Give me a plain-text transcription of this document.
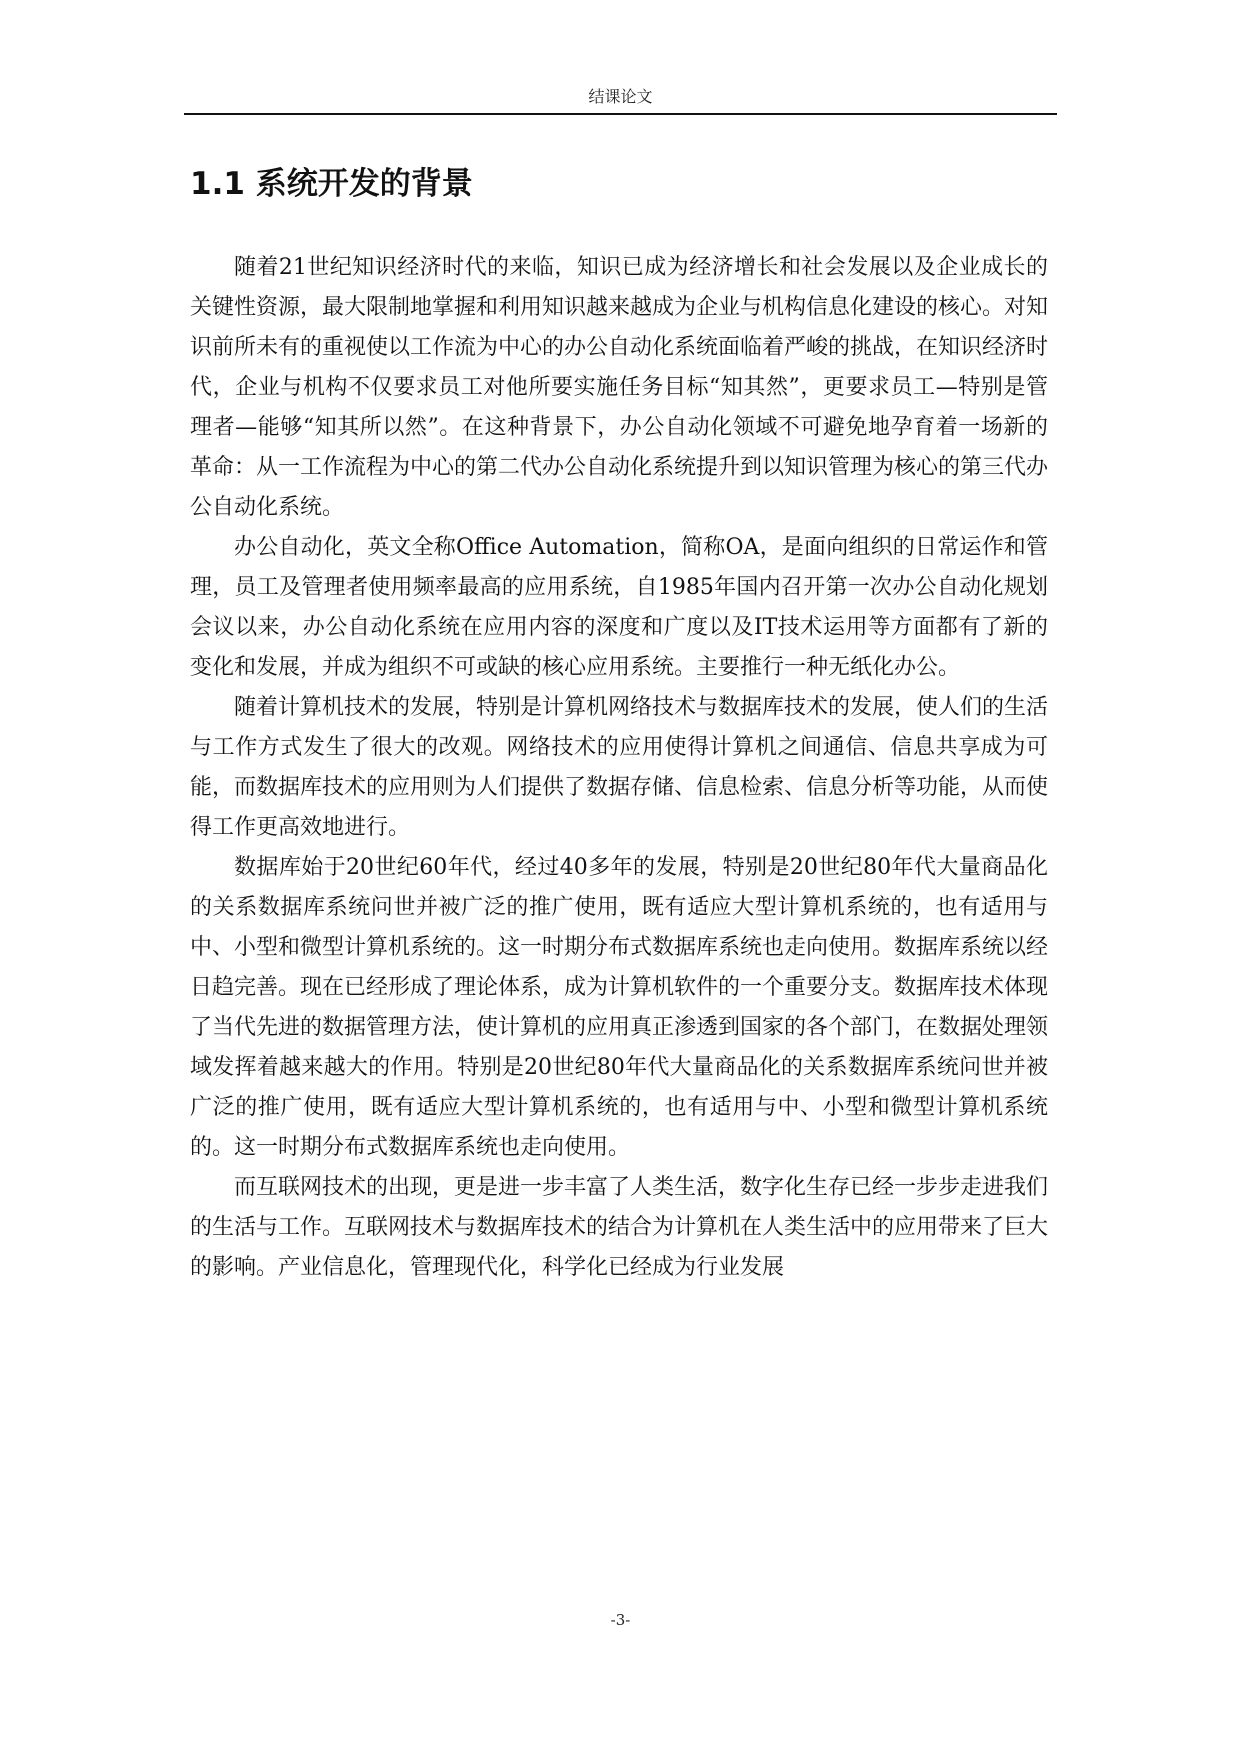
结课论文
1.1 系统开发的背景

随着21世纪知识经济时代的来临，知识已成为经济增长和社会发展以及企业成长的关键性资源，最大限制地掌握和利用知识越来越成为企业与机构信息化建设的核心。对知识前所未有的重视使以工作流为中心的办公自动化系统面临着严峻的挑战，在知识经济时代，企业与机构不仅要求员工对他所要实施任务目标“知其然”，更要求员工—特别是管理者—能够“知其所以然”。在这种背景下，办公自动化领域不可避免地孕育着一场新的革命：从一工作流程为中心的第二代办公自动化系统提升到以知识管理为核心的第三代办公自动化系统。

办公自动化，英文全称Office Automation，简称OA，是面向组织的日常运作和管理，员工及管理者使用频率最高的应用系统，自1985年国内召开第一次办公自动化规划会议以来，办公自动化系统在应用内容的深度和广度以及IT技术运用等方面都有了新的变化和发展，并成为组织不可或缺的核心应用系统。主要推行一种无纸化办公。

随着计算机技术的发展，特别是计算机网络技术与数据库技术的发展，使人们的生活与工作方式发生了很大的改观。网络技术的应用使得计算机之间通信、信息共享成为可能，而数据库技术的应用则为人们提供了数据存储、信息检索、信息分析等功能，从而使得工作更高效地进行。

数据库始于20世纪60年代，经过40多年的发展，特别是20世纪80年代大量商品化的关系数据库系统问世并被广泛的推广使用，既有适应大型计算机系统的，也有适用与中、小型和微型计算机系统的。这一时期分布式数据库系统也走向使用。数据库系统以经日趋完善。现在已经形成了理论体系，成为计算机软件的一个重要分支。数据库技术体现了当代先进的数据管理方法，使计算机的应用真正渗透到国家的各个部门，在数据处理领域发挥着越来越大的作用。特别是20世纪80年代大量商品化的关系数据库系统问世并被广泛的推广使用，既有适应大型计算机系统的，也有适用与中、小型和微型计算机系统的。这一时期分布式数据库系统也走向使用。

而互联网技术的出现，更是进一步丰富了人类生活，数字化生存已经一步步走进我们的生活与工作。互联网技术与数据库技术的结合为计算机在人类生活中的应用带来了巨大的影响。产业信息化，管理现代化，科学化已经成为行业发展

-3-
